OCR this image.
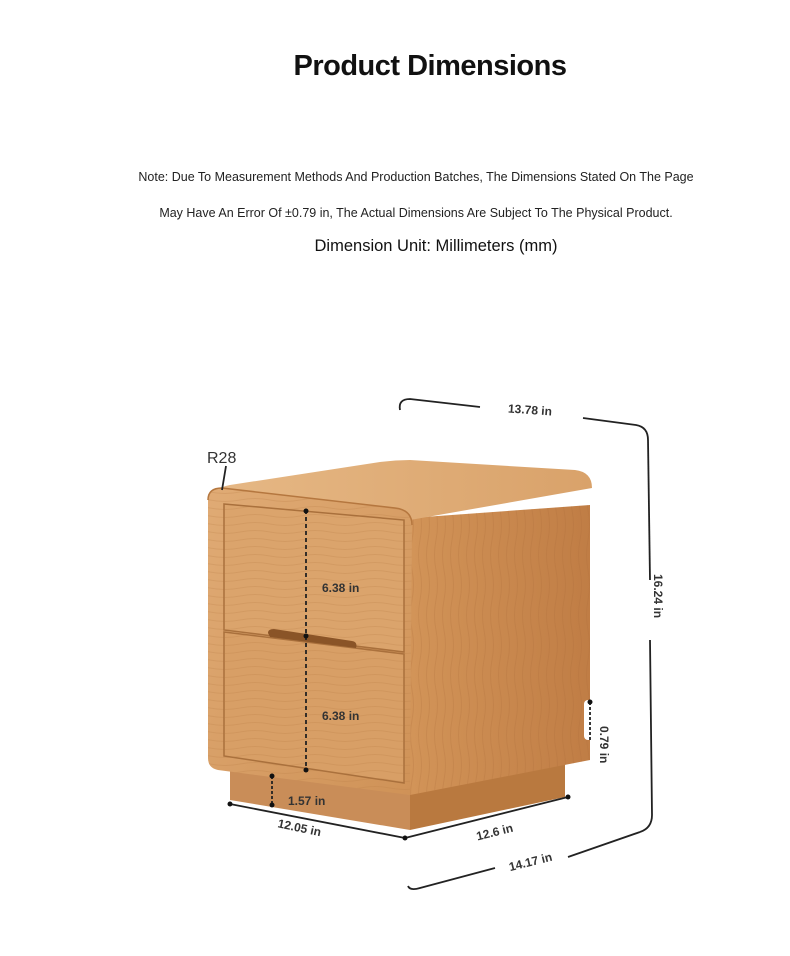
Product Dimensions
Note: Due To Measurement Methods And Production Batches, The Dimensions Stated On The Page
May Have An Error Of ±0.79 in, The Actual Dimensions Are Subject To The Physical Product.
Dimension Unit: Millimeters (mm)
R28
13.78 in
16.24 in
6.38 in
6.38 in
1.57 in
0.79 in
12.05 in	12.6 in
14.17 in
